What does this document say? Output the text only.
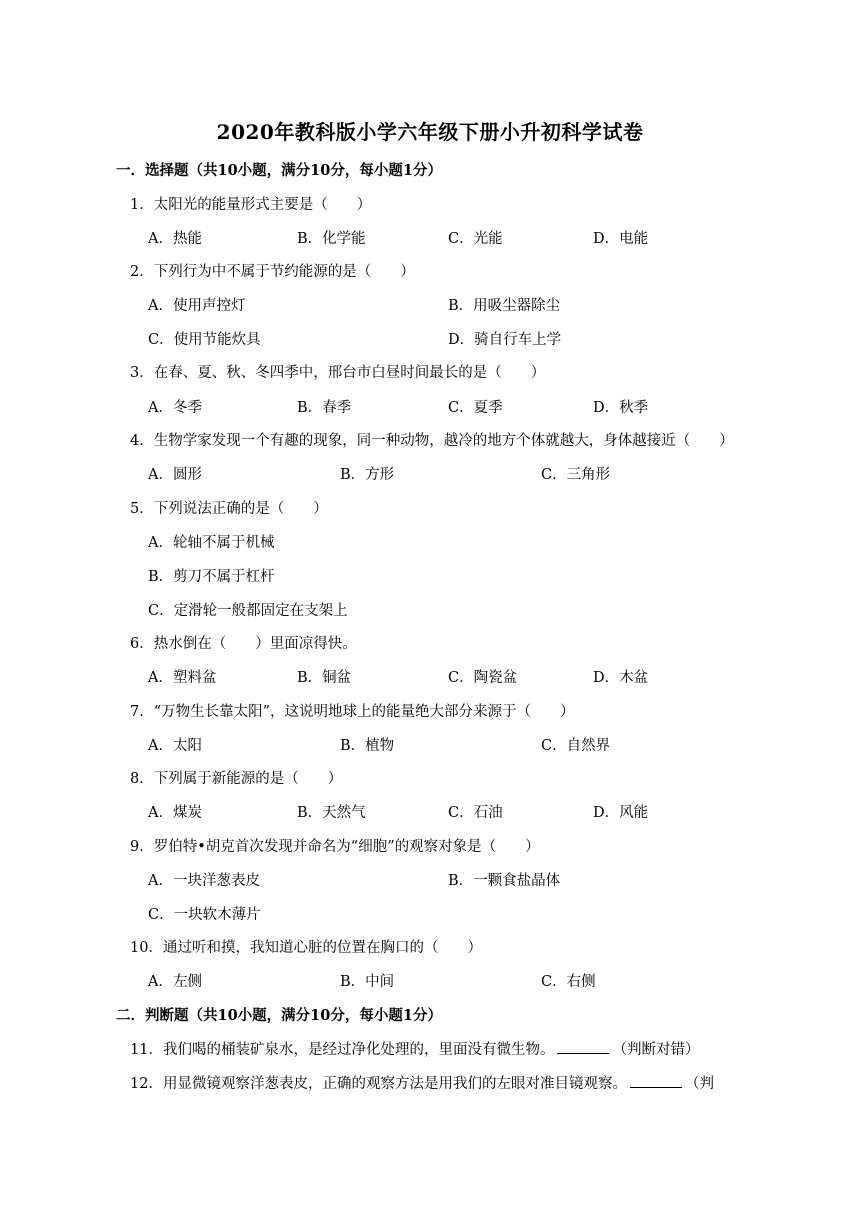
2020年教科版小学六年级下册小升初科学试卷
一．选择题（共10小题，满分10分，每小题1分）
1．太阳光的能量形式主要是（　　）
A．热能	B．化学能	C．光能	D．电能
2．下列行为中不属于节约能源的是（　　）
A．使用声控灯	B．用吸尘器除尘
C．使用节能炊具	D．骑自行车上学
3．在春、夏、秋、冬四季中，邢台市白昼时间最长的是（　　）
A．冬季	B．春季	C．夏季	D．秋季
4．生物学家发现一个有趣的现象，同一种动物，越冷的地方个体就越大，身体越接近（　　）
A．圆形	B．方形	C．三角形
5．下列说法正确的是（　　）
A．轮轴不属于机械
B．剪刀不属于杠杆
C．定滑轮一般都固定在支架上
6．热水倒在（　　）里面凉得快。
A．塑料盆	B．铜盆	C．陶瓷盆	D．木盆
7．“万物生长靠太阳”，这说明地球上的能量绝大部分来源于（　　）
A．太阳	B．植物	C．自然界
8．下列属于新能源的是（　　）
A．煤炭	B．天然气	C．石油	D．风能
9．罗伯特•胡克首次发现并命名为“细胞”的观察对象是（　　）
A．一块洋葱表皮	B．一颗食盐晶体
C．一块软木薄片
10．通过听和摸，我知道心脏的位置在胸口的（　　）
A．左侧	B．中间	C．右侧
二．判断题（共10小题，满分10分，每小题1分）
11．我们喝的桶装矿泉水，是经过净化处理的，里面没有微生物。	（判断对错）
12．用显微镜观察洋葱表皮，正确的观察方法是用我们的左眼对准目镜观察。	（判
